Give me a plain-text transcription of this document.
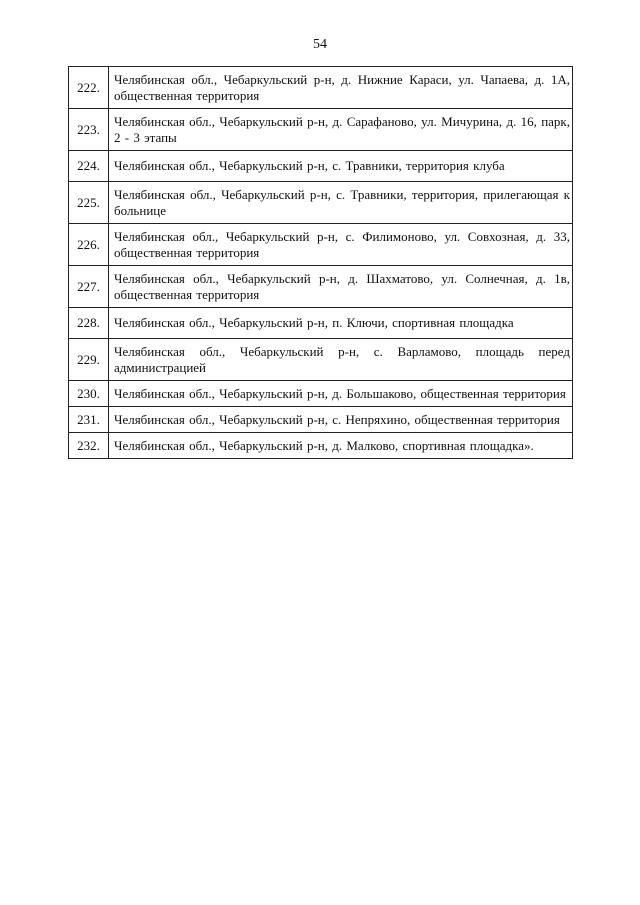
54
222.	Челябинская обл., Чебаркульский р-н, д. Нижние Караси, ул. Чапаева, д. 1А, общественная территория
223.	Челябинская обл., Чебаркульский р-н, д. Сарафаново, ул. Мичурина, д. 16, парк, 2 - 3 этапы
224.	Челябинская обл., Чебаркульский р-н, с. Травники, территория клуба
225.	Челябинская обл., Чебаркульский р-н, с. Травники, территория, прилегающая к больнице
226.	Челябинская обл., Чебаркульский р-н, с. Филимоново, ул. Совхозная, д. 33, общественная территория
227.	Челябинская обл., Чебаркульский р-н, д. Шахматово, ул. Солнечная, д. 1в, общественная территория
228.	Челябинская обл., Чебаркульский р-н, п. Ключи, спортивная площадка
229.	Челябинская обл., Чебаркульский р-н, с. Варламово, площадь перед администрацией
230.	Челябинская обл., Чебаркульский р-н, д. Большаково, общественная территория
231.	Челябинская обл., Чебаркульский р-н, с. Непряхино, общественная территория
232.	Челябинская обл., Чебаркульский р-н, д. Малково, спортивная площадка».
